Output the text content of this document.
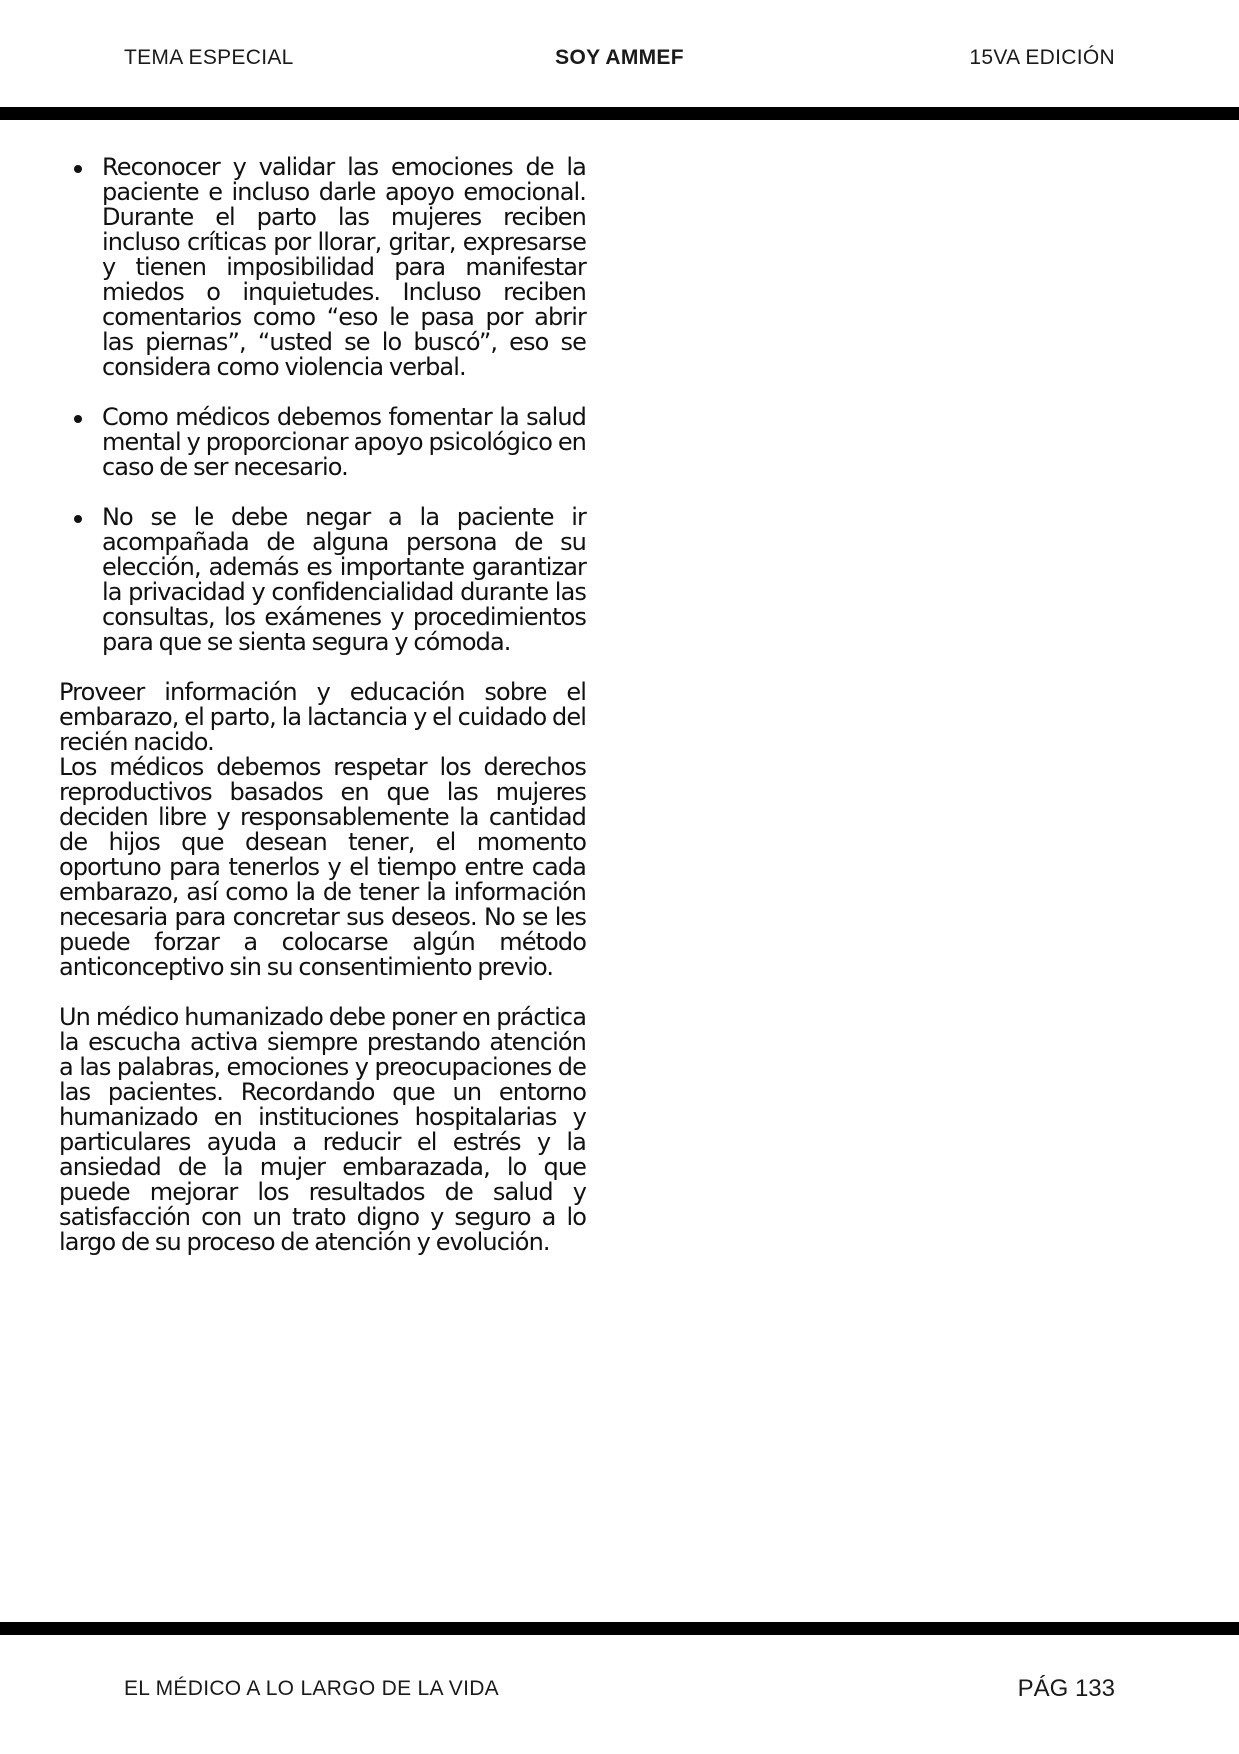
TEMA ESPECIAL	SOY AMMEF	15VA EDICIÓN
Reconocer y validar las emociones de la paciente e incluso darle apoyo emocional. Durante el parto las mujeres reciben incluso críticas por llorar, gritar, expresarse y tienen imposibilidad para manifestar miedos o inquietudes. Incluso reciben comentarios como “eso le pasa por abrir las piernas”, “usted se lo buscó”, eso se considera como violencia verbal.
Como médicos debemos fomentar la salud mental y proporcionar apoyo psicológico en caso de ser necesario.
No se le debe negar a la paciente ir acompañada de alguna persona de su elección, además es importante garantizar la privacidad y confidencialidad durante las consultas, los exámenes y procedimientos para que se sienta segura y cómoda.

Proveer información y educación sobre el embarazo, el parto, la lactancia y el cuidado del recién nacido.

Los médicos debemos respetar los derechos reproductivos basados en que las mujeres deciden libre y responsablemente la cantidad de hijos que desean tener, el momento oportuno para tenerlos y el tiempo entre cada embarazo, así como la de tener la información necesaria para concretar sus deseos. No se les puede forzar a colocarse algún método anticonceptivo sin su consentimiento previo.

Un médico humanizado debe poner en práctica la escucha activa siempre prestando atención a las palabras, emociones y preocupaciones de las pacientes. Recordando que un entorno humanizado en instituciones hospitalarias y particulares ayuda a reducir el estrés y la ansiedad de la mujer embarazada, lo que puede mejorar los resultados de salud y satisfacción con un trato digno y seguro a lo largo de su proceso de atención y evolución.

EL MÉDICO A LO LARGO DE LA VIDA	PÁG 133
